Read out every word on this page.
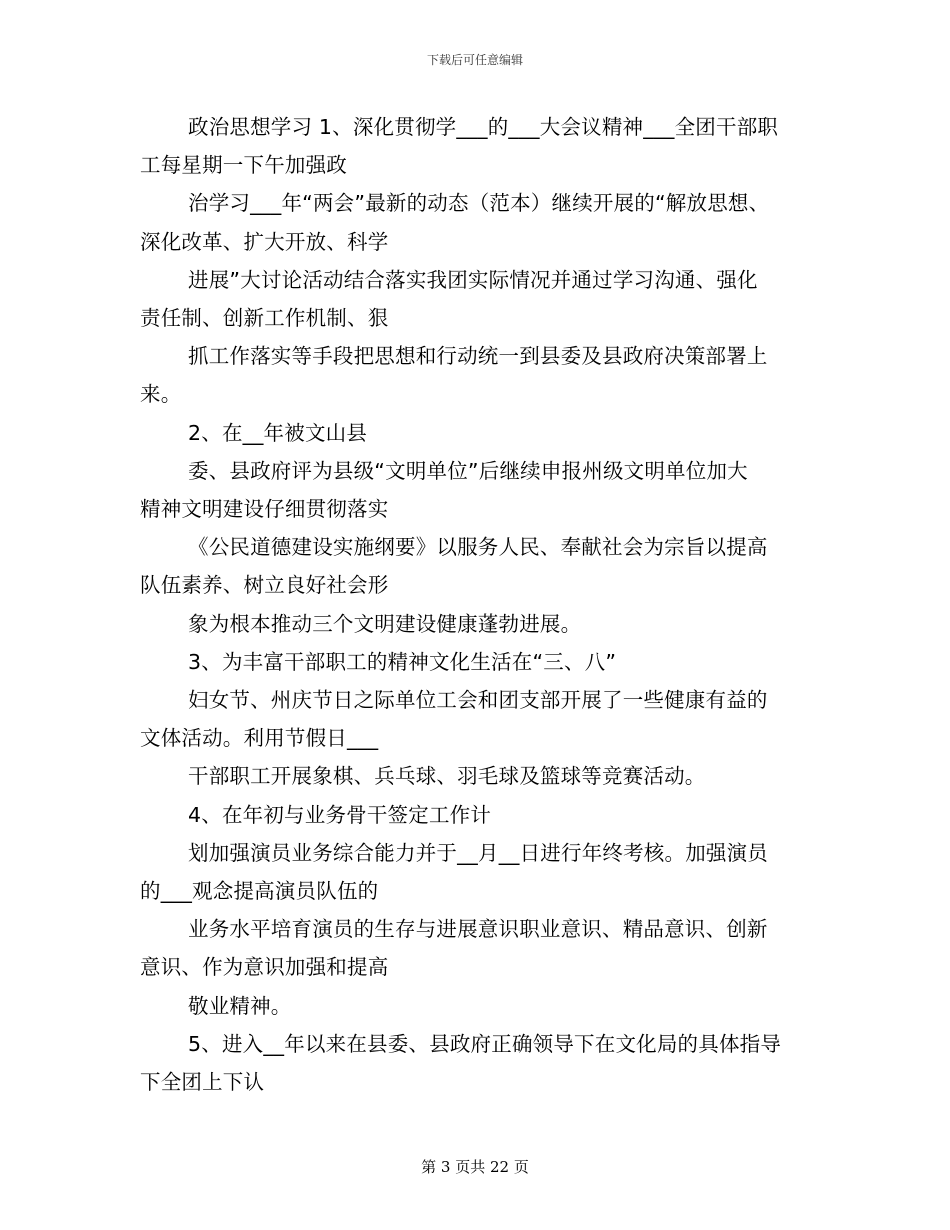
下载后可任意编辑
政治思想学习 1、深化贯彻学___的___大会议精神___全团干部职
工每星期一下午加强政
治学习___年“两会”最新的动态（范本）继续开展的“解放思想、
深化改革、扩大开放、科学
进展”大讨论活动结合落实我团实际情况并通过学习沟通、强化
责任制、创新工作机制、狠
抓工作落实等手段把思想和行动统一到县委及县政府决策部署上
来。
2、在__年被文山县
委、县政府评为县级“文明单位”后继续申报州级文明单位加大
精神文明建设仔细贯彻落实
《公民道德建设实施纲要》以服务人民、奉献社会为宗旨以提高
队伍素养、树立良好社会形
象为根本推动三个文明建设健康蓬勃进展。
3、为丰富干部职工的精神文化生活在“三、八”
妇女节、州庆节日之际单位工会和团支部开展了一些健康有益的
文体活动。利用节假日___
干部职工开展象棋、兵乓球、羽毛球及篮球等竞赛活动。
4、在年初与业务骨干签定工作计
划加强演员业务综合能力并于__月__日进行年终考核。加强演员
的___观念提高演员队伍的
业务水平培育演员的生存与进展意识职业意识、精品意识、创新
意识、作为意识加强和提高
敬业精神。
5、进入__年以来在县委、县政府正确领导下在文化局的具体指导
下全团上下认
第 3 页共 22 页
